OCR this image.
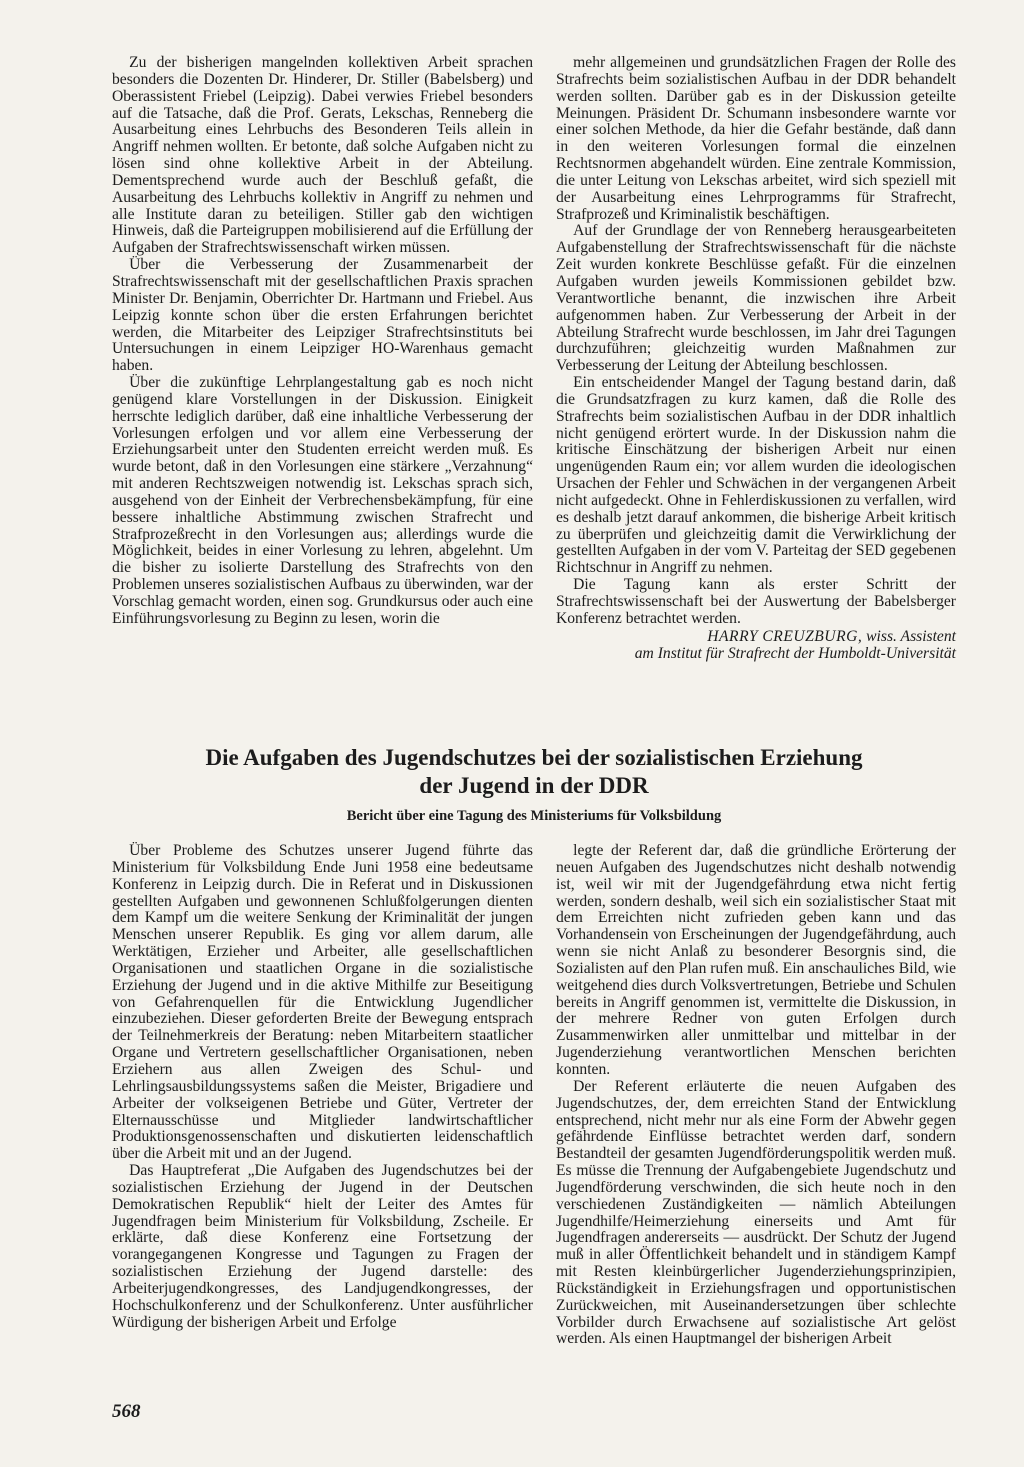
Zu der bisherigen mangelnden kollektiven Arbeit sprachen besonders die Dozenten Dr. Hinderer, Dr. Stiller (Babelsberg) und Oberassistent Friebel (Leipzig). Dabei verwies Friebel besonders auf die Tatsache, daß die Prof. Gerats, Lekschas, Renneberg die Ausarbeitung eines Lehrbuchs des Besonderen Teils allein in Angriff nehmen wollten. Er betonte, daß solche Aufgaben nicht zu lösen sind ohne kollektive Arbeit in der Abteilung. Dementsprechend wurde auch der Beschluß gefaßt, die Ausarbeitung des Lehrbuchs kollektiv in Angriff zu nehmen und alle Institute daran zu beteiligen. Stiller gab den wichtigen Hinweis, daß die Parteigruppen mobilisierend auf die Erfüllung der Aufgaben der Strafrechtswissenschaft wirken müssen.

Über die Verbesserung der Zusammenarbeit der Strafrechtswissenschaft mit der gesellschaftlichen Praxis sprachen Minister Dr. Benjamin, Oberrichter Dr. Hartmann und Friebel. Aus Leipzig konnte schon über die ersten Erfahrungen berichtet werden, die Mitarbeiter des Leipziger Strafrechtsinstituts bei Untersuchungen in einem Leipziger HO-Warenhaus gemacht haben.

Über die zukünftige Lehrplangestaltung gab es noch nicht genügend klare Vorstellungen in der Diskussion. Einigkeit herrschte lediglich darüber, daß eine inhaltliche Verbesserung der Vorlesungen erfolgen und vor allem eine Verbesserung der Erziehungsarbeit unter den Studenten erreicht werden muß. Es wurde betont, daß in den Vorlesungen eine stärkere „Verzahnung“ mit anderen Rechtszweigen notwendig ist. Lekschas sprach sich, ausgehend von der Einheit der Verbrechensbekämpfung, für eine bessere inhaltliche Abstimmung zwischen Strafrecht und Strafprozeßrecht in den Vorlesungen aus; allerdings wurde die Möglichkeit, beides in einer Vorlesung zu lehren, abgelehnt. Um die bisher zu isolierte Darstellung des Strafrechts von den Problemen unseres sozialistischen Aufbaus zu überwinden, war der Vorschlag gemacht worden, einen sog. Grundkursus oder auch eine Einführungsvorlesung zu Beginn zu lesen, worin die

mehr allgemeinen und grundsätzlichen Fragen der Rolle des Strafrechts beim sozialistischen Aufbau in der DDR behandelt werden sollten. Darüber gab es in der Diskussion geteilte Meinungen. Präsident Dr. Schumann insbesondere warnte vor einer solchen Methode, da hier die Gefahr bestände, daß dann in den weiteren Vorlesungen formal die einzelnen Rechtsnormen abgehandelt würden. Eine zentrale Kommission, die unter Leitung von Lekschas arbeitet, wird sich speziell mit der Ausarbeitung eines Lehrprogramms für Strafrecht, Strafprozeß und Kriminalistik beschäftigen.

Auf der Grundlage der von Renneberg herausgearbeiteten Aufgabenstellung der Strafrechtswissenschaft für die nächste Zeit wurden konkrete Beschlüsse gefaßt. Für die einzelnen Aufgaben wurden jeweils Kommissionen gebildet bzw. Verantwortliche benannt, die inzwischen ihre Arbeit aufgenommen haben. Zur Verbesserung der Arbeit in der Abteilung Strafrecht wurde beschlossen, im Jahr drei Tagungen durchzuführen; gleichzeitig wurden Maßnahmen zur Verbesserung der Leitung der Abteilung beschlossen.

Ein entscheidender Mangel der Tagung bestand darin, daß die Grundsatzfragen zu kurz kamen, daß die Rolle des Strafrechts beim sozialistischen Aufbau in der DDR inhaltlich nicht genügend erörtert wurde. In der Diskussion nahm die kritische Einschätzung der bisherigen Arbeit nur einen ungenügenden Raum ein; vor allem wurden die ideologischen Ursachen der Fehler und Schwächen in der vergangenen Arbeit nicht aufgedeckt. Ohne in Fehlerdiskussionen zu verfallen, wird es deshalb jetzt darauf ankommen, die bisherige Arbeit kritisch zu überprüfen und gleichzeitig damit die Verwirklichung der gestellten Aufgaben in der vom V. Parteitag der SED gegebenen Richtschnur in Angriff zu nehmen.

Die Tagung kann als erster Schritt der Strafrechtswissenschaft bei der Auswertung der Babelsberger Konferenz betrachtet werden.

HARRY CREUZBURG, wiss. Assistent
am Institut für Strafrecht der Humboldt-Universität
Die Aufgaben des Jugendschutzes bei der sozialistischen Erziehung
der Jugend in der DDR
Bericht über eine Tagung des Ministeriums für Volksbildung

Über Probleme des Schutzes unserer Jugend führte das Ministerium für Volksbildung Ende Juni 1958 eine bedeutsame Konferenz in Leipzig durch. Die in Referat und in Diskussionen gestellten Aufgaben und gewonnenen Schlußfolgerungen dienten dem Kampf um die weitere Senkung der Kriminalität der jungen Menschen unserer Republik. Es ging vor allem darum, alle Werktätigen, Erzieher und Arbeiter, alle gesellschaftlichen Organisationen und staatlichen Organe in die sozialistische Erziehung der Jugend und in die aktive Mithilfe zur Beseitigung von Gefahrenquellen für die Entwicklung Jugendlicher einzubeziehen. Dieser geforderten Breite der Bewegung entsprach der Teilnehmerkreis der Beratung: neben Mitarbeitern staatlicher Organe und Vertretern gesellschaftlicher Organisationen, neben Erziehern aus allen Zweigen des Schul- und Lehrlingsausbildungssystems saßen die Meister, Brigadiere und Arbeiter der volkseigenen Betriebe und Güter, Vertreter der Elternausschüsse und Mitglieder landwirtschaftlicher Produktionsgenossenschaften und diskutierten leidenschaftlich über die Arbeit mit und an der Jugend.

Das Hauptreferat „Die Aufgaben des Jugendschutzes bei der sozialistischen Erziehung der Jugend in der Deutschen Demokratischen Republik“ hielt der Leiter des Amtes für Jugendfragen beim Ministerium für Volksbildung, Zscheile. Er erklärte, daß diese Konferenz eine Fortsetzung der vorangegangenen Kongresse und Tagungen zu Fragen der sozialistischen Erziehung der Jugend darstelle: des Arbeiterjugendkongresses, des Landjugendkongresses, der Hochschulkonferenz und der Schulkonferenz. Unter ausführlicher Würdigung der bisherigen Arbeit und Erfolge

legte der Referent dar, daß die gründliche Erörterung der neuen Aufgaben des Jugendschutzes nicht deshalb notwendig ist, weil wir mit der Jugendgefährdung etwa nicht fertig werden, sondern deshalb, weil sich ein sozialistischer Staat mit dem Erreichten nicht zufrieden geben kann und das Vorhandensein von Erscheinungen der Jugendgefährdung, auch wenn sie nicht Anlaß zu besonderer Besorgnis sind, die Sozialisten auf den Plan rufen muß. Ein anschauliches Bild, wie weitgehend dies durch Volksvertretungen, Betriebe und Schulen bereits in Angriff genommen ist, vermittelte die Diskussion, in der mehrere Redner von guten Erfolgen durch Zusammenwirken aller unmittelbar und mittelbar in der Jugenderziehung verantwortlichen Menschen berichten konnten.

Der Referent erläuterte die neuen Aufgaben des Jugendschutzes, der, dem erreichten Stand der Entwicklung entsprechend, nicht mehr nur als eine Form der Abwehr gegen gefährdende Einflüsse betrachtet werden darf, sondern Bestandteil der gesamten Jugendförderungspolitik werden muß. Es müsse die Trennung der Aufgabengebiete Jugendschutz und Jugendförderung verschwinden, die sich heute noch in den verschiedenen Zuständigkeiten — nämlich Abteilungen Jugendhilfe/Heimerziehung einerseits und Amt für Jugendfragen andererseits — ausdrückt. Der Schutz der Jugend muß in aller Öffentlichkeit behandelt und in ständigem Kampf mit Resten kleinbürgerlicher Jugenderziehungsprinzipien, Rückständigkeit in Erziehungsfragen und opportunistischen Zurückweichen, mit Auseinandersetzungen über schlechte Vorbilder durch Erwachsene auf sozialistische Art gelöst werden. Als einen Hauptmangel der bisherigen Arbeit

568
